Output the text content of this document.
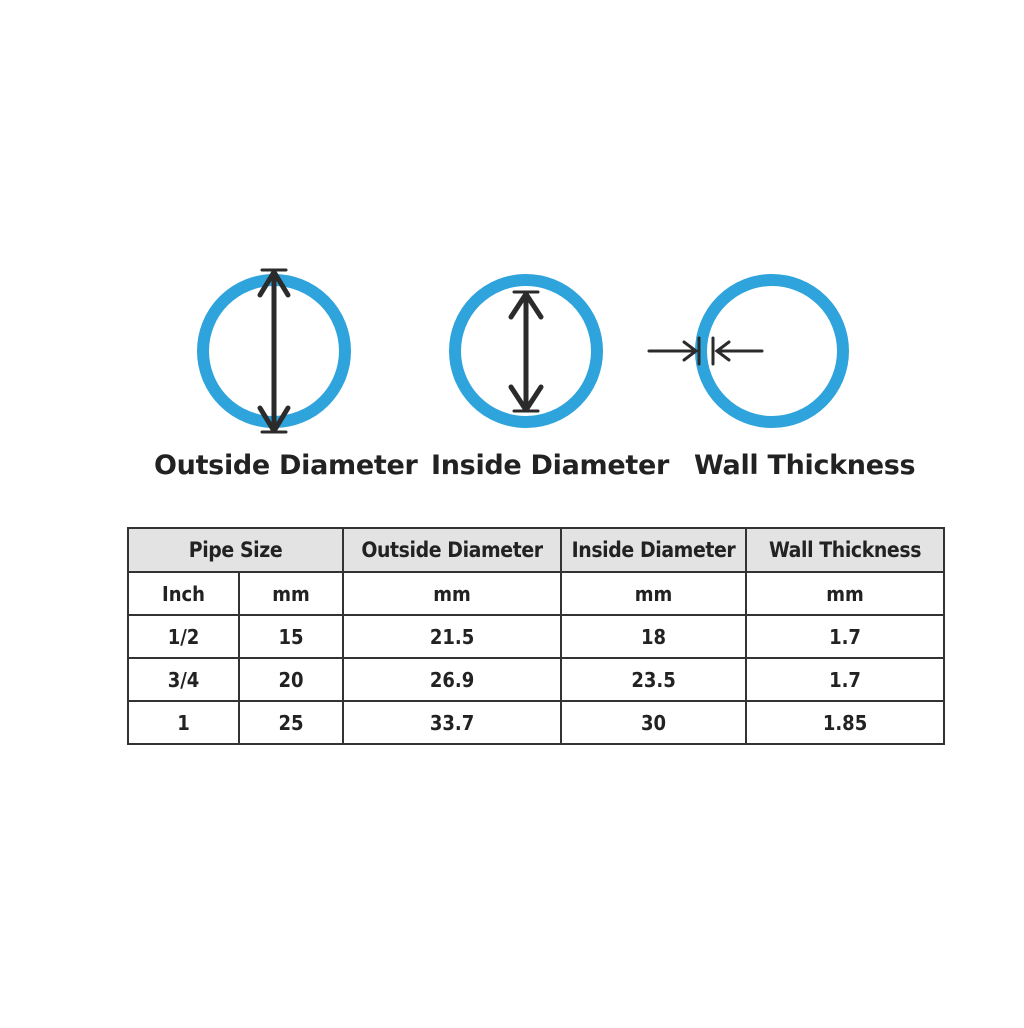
Outside Diameter Inside Diameter Wall Thickness
Pipe Size		Outside Diameter	Inside Diameter	Wall Thickness
Inch	mm	mm	mm	mm
1/2	15	21.5	18	1.7
3/4	20	26.9	23.5	1.7
1	25	33.7	30	1.85
